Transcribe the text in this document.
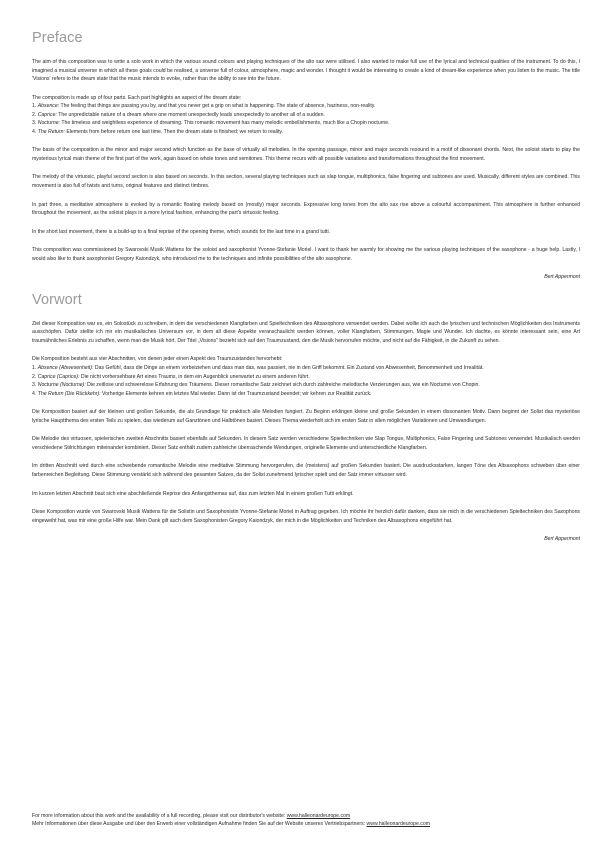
Preface

The aim of this composition was to write a solo work in which the various sound colours and playing techniques of the alto sax were utilised. I also wanted to make full use of the lyrical and technical qualities of the instrument. To do this, I imagined a musical universe in which all these goals could be realised, a universe full of colour, atmosphere, magic and wonder. I thought it would be interesting to create a kind of dream-like experience when you listen to the music. The title 'Visions' refers to the dream state that the music intends to evoke, rather than the ability to see into the future.

The composition is made up of four parts. Each part highlights an aspect of the dream state:

1. Absence: The feeling that things are passing you by, and that you never get a grip on what is happening. The state of absence, haziness, non-reality.
2. Caprice: The unpredictable nature of a dream where one moment unexpectedly leads unexpectedly to another all of a sudden.
3. Nocturne: The timeless and weightless experience of dreaming. This romantic movement has many melodic embellishments, much like a Chopin nocturne.
4. The Return: Elements from before return one last time. Then the dream state is finished; we return to reality.

The basis of the composition is the minor and major second which function as the base of virtually all melodies. In the opening passage, minor and major seconds resound in a motif of dissonant chords. Next, the soloist starts to play the mysterious lyrical main theme of the first part of the work, again based on whole tones and semitones. This theme recurs with all possible variations and transformations throughout the first movement.

The melody of the virtuosic, playful second section is also based on seconds. In this section, several playing techniques such as slap tongue, multiphonics, false fingering and subtones are used. Musically, different styles are combined. This movement is also full of twists and turns, original features and distinct timbres.

In part three, a meditative atmosphere is evoked by a romantic floating melody based on (mostly) major seconds. Expressive long tones from the alto sax rise above a colourful accompaniment. This atmosphere is further enhanced throughout the movement, as the soloist plays in a more lyrical fashion, enhancing the part's virtuosic feeling.

In the short last movement, there is a build-up to a final reprise of the opening theme, which sounds for the last time in a grand tutti.

This composition was commissioned by Swarovski Musik Wattens for the soloist and saxophonist Yvonne-Stefanie Moriel. I want to thank her warmly for showing me the various playing techniques of the saxophone - a huge help. Lastly, I would also like to thank saxophonist Gregory Kaiondzyk, who introduced me to the techniques and infinite possibilities of the alto saxophone.

Bert Appermont

Vorwort

Ziel dieser Komposition war es, ein Solostück zu schreiben, in dem die verschiedenen Klangfarben und Spieltechniken des Altsaxophons verwendet werden. Dabei wollte ich auch die lyrischen und technischen Möglichkeiten des Instruments ausschöpfen. Dafür stellte ich mir ein musikalisches Universum vor, in dem all diese Aspekte veranschaulicht werden können, voller Klangfarben, Stimmungen, Magie und Wunder. Ich dachte, es könnte interessant sein, eine Art traumähnliches Erlebnis zu schaffen, wenn man die Musik hört. Der Titel „Visions" bezieht sich auf den Traumzustand, den die Musik hervorrufen möchte, und nicht auf die Fähigkeit, in die Zukunft zu sehen.

Die Komposition besteht aus vier Abschnitten, von denen jeder einen Aspekt des Traumzustandes hervorhebt:

1. Absence (Abwesenheit): Das Gefühl, dass die Dinge an einem vorbeiziehen und dass man das, was passiert, nie in den Griff bekommt. Ein Zustand von Abwesenheit, Benommenheit und Irrealität.
2. Caprice (Caprice): Die nicht vorhersehbare Art eines Traums, in dem ein Augenblick unerwartet zu einem anderen führt.
3. Nocturne (Nocturne): Die zeitlose und schwerelose Erfahrung des Träumens. Dieser romantische Satz zeichnet sich durch zahlreiche melodische Verzierungen aus, wie ein Nocturne von Chopin.
4. The Return (Die Rückkehr): Vorherige Elemente kehren ein letztes Mal wieder. Dann ist der Traumzustand beendet; wir kehren zur Realität zurück.

Die Komposition basiert auf der kleinen und großen Sekunde, die als Grundlage für praktisch alle Melodien fungiert. Zu Beginn erklingen kleine und große Sekunden in einem dissonanten Motiv. Dann beginnt der Solist das mysteriöse lyrische Hauptthema des ersten Teils zu spielen, das wiederum auf Ganztönen und Halbtönen basiert. Dieses Thema wiederholt sich im ersten Satz in allen möglichen Variationen und Umwandlungen.

Die Melodie des virtuosen, spielerischen zweiten Abschnitts basiert ebenfalls auf Sekunden. In diesem Satz werden verschiedene Spieltechniken wie Slap Tongue, Multiphonics, False Fingering und Subtones verwendet. Musikalisch werden verschiedene Stilrichtungen miteinander kombiniert. Dieser Satz enthält zudem zahlreiche überraschende Wendungen, originelle Elemente und unterschiedliche Klangfarben.

Im dritten Abschnitt wird durch eine schwebende romantische Melodie eine meditative Stimmung hervorgerufen, die (meistens) auf großen Sekunden basiert. Die ausdrucksstarken, langen Töne des Altsaxophons schweben über einer farbenreichen Begleitung. Diese Stimmung verstärkt sich während des gesamten Satzes, da der Solist zunehmend lyrischer spielt und der Satz immer virtuoser wird.

Im kurzen letzten Abschnitt baut sich eine abschließende Reprise des Anfangsthemas auf, das zum letzten Mal in einem großen Tutti erklingt.

Diese Komposition wurde von Swarovski Musik Wattens für die Solistin und Saxophonistin Yvonne-Stefanie Moriel in Auftrag gegeben. Ich möchte ihr herzlich dafür danken, dass sie mich in die verschiedenen Spieltechniken des Saxophons eingeweiht hat, was mir eine große Hilfe war. Mein Dank gilt auch dem Saxophonisten Gregory Kaiondzyk, der mich in die Möglichkeiten und Techniken des Altsaxophons eingeführt hat.

Bert Appermont

For more information about this work and the availability of a full recording, please visit our distributor's website: www.halleonardeurope.com
Mehr Informationen über diese Ausgabe und über den Erwerb einer vollständigen Aufnahme finden Sie auf der Website unseres Vertriebspartners: www.halleonardeurope.com
